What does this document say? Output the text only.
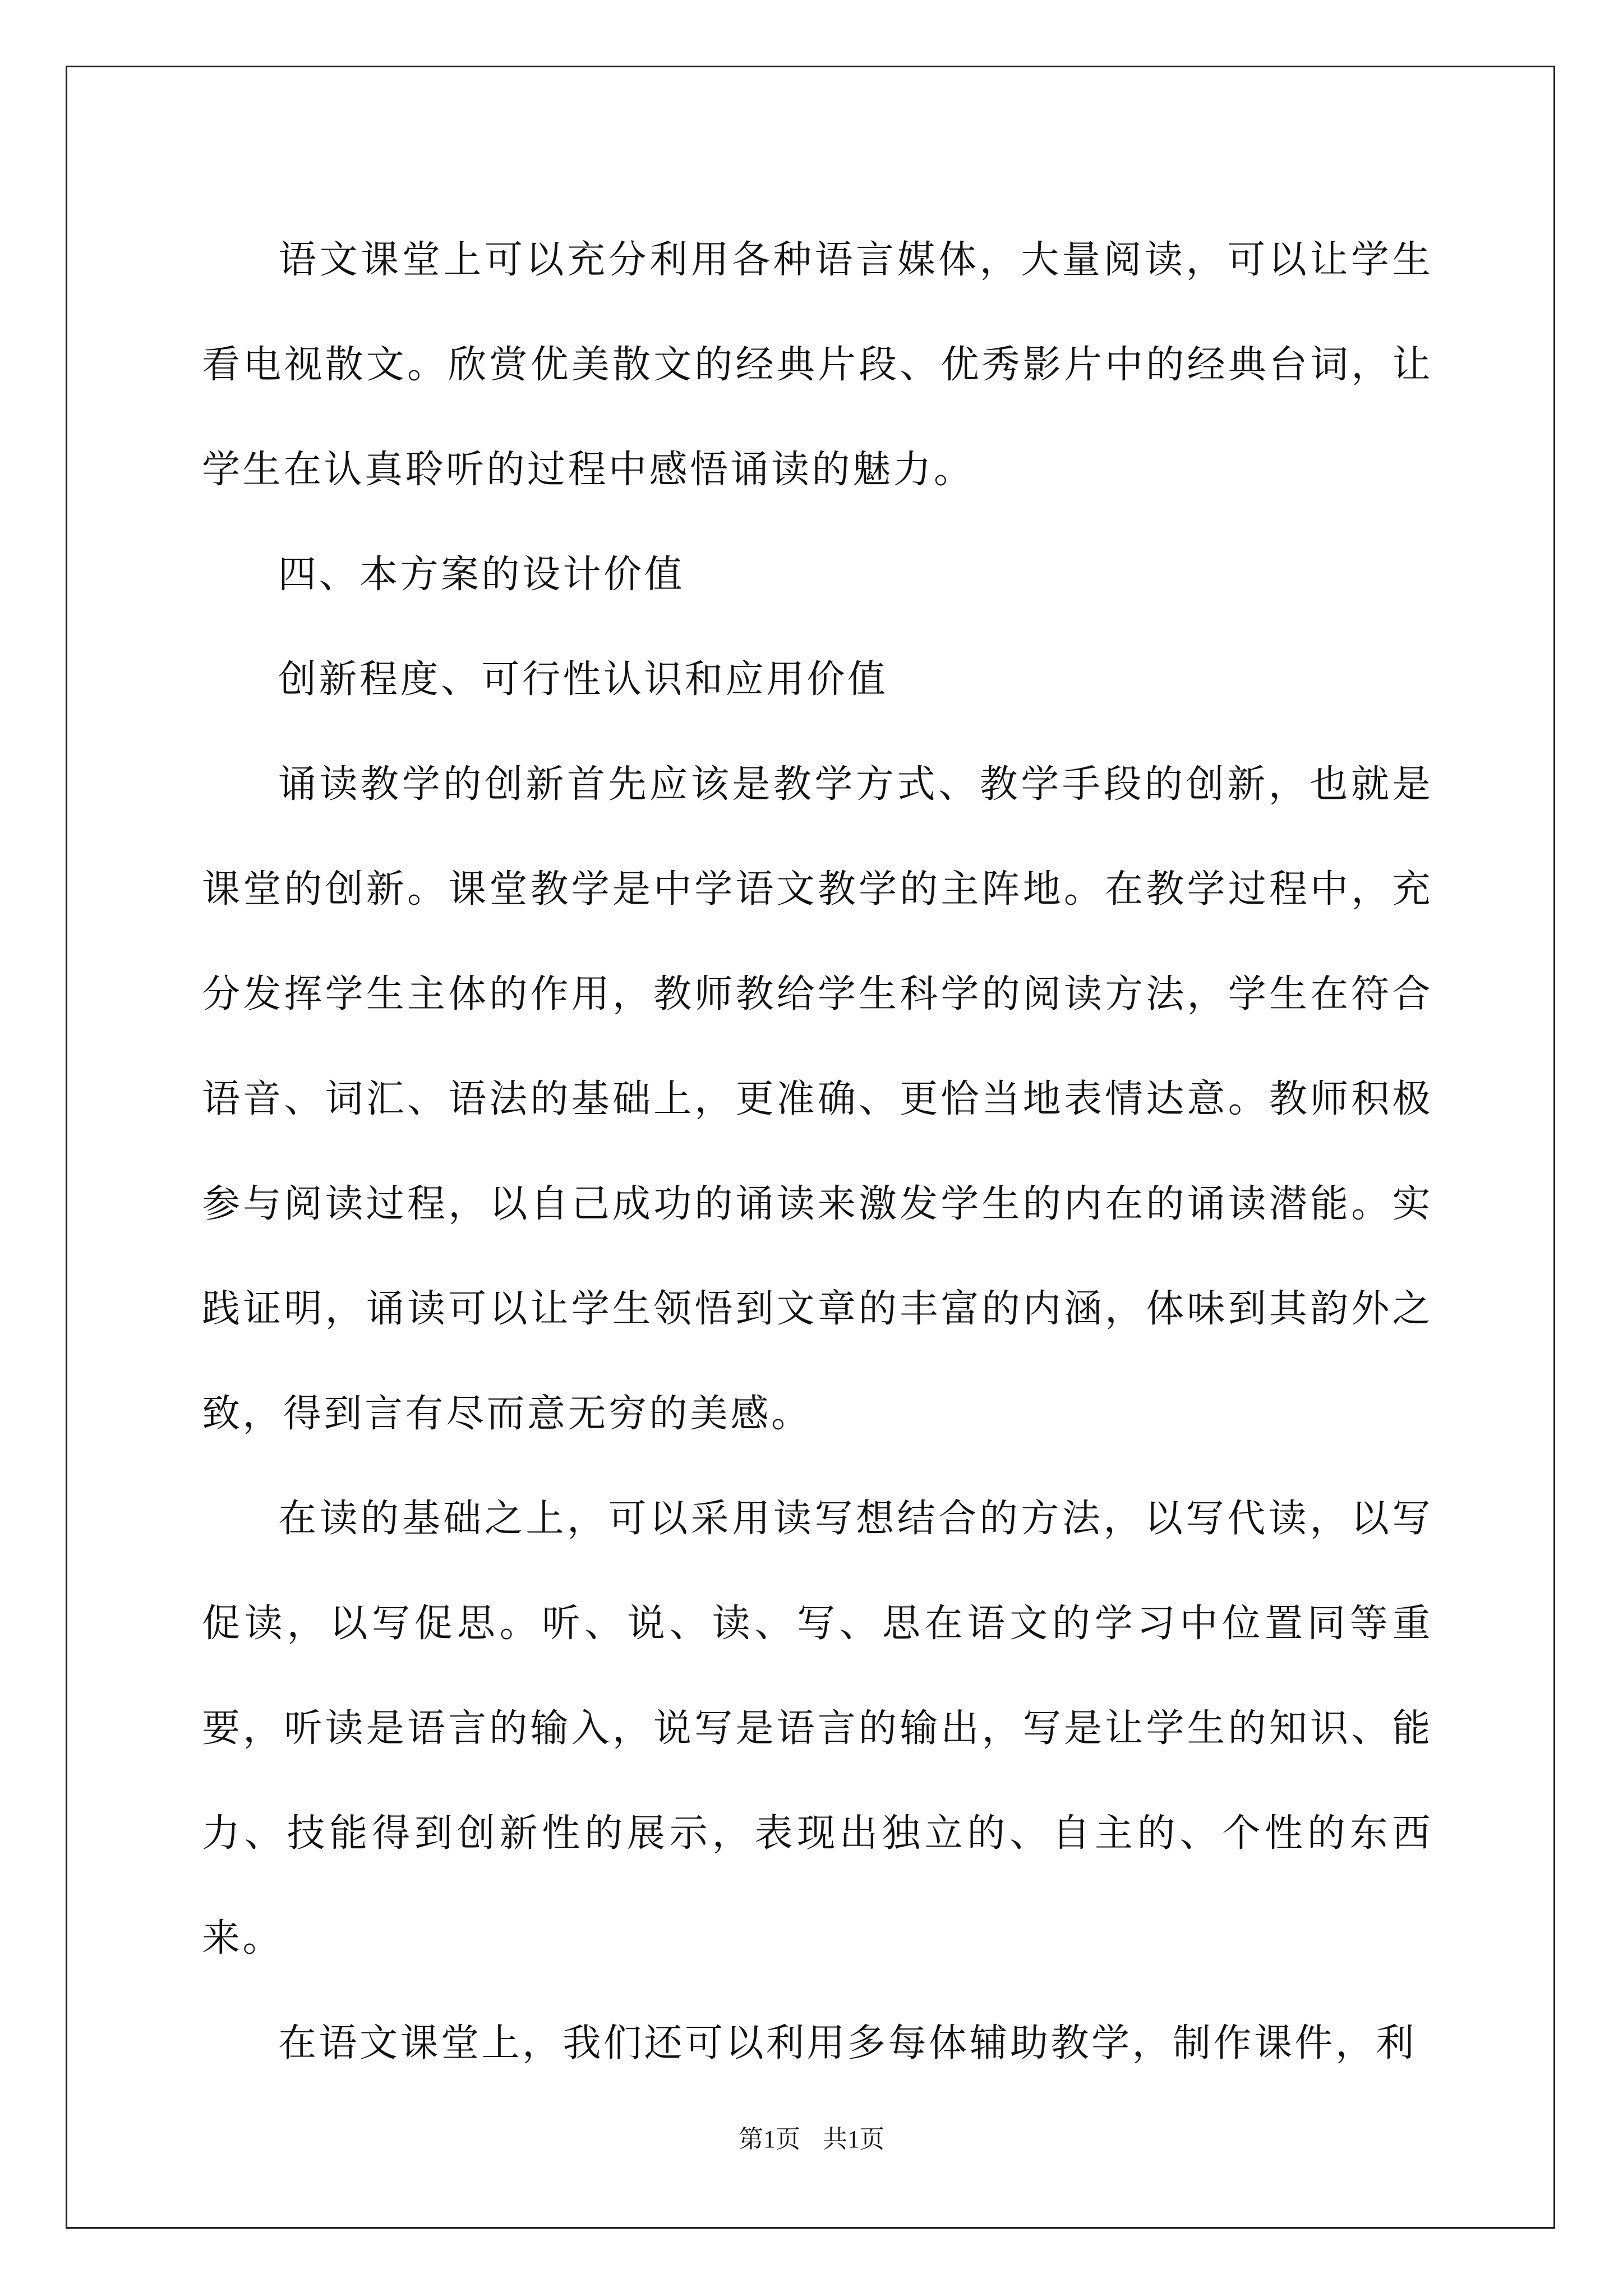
语文课堂上可以充分利用各种语言媒体，大量阅读，可以让学生看电视散文。欣赏优美散文的经典片段、优秀影片中的经典台词，让学生在认真聆听的过程中感悟诵读的魅力。

四、本方案的设计价值

创新程度、可行性认识和应用价值

诵读教学的创新首先应该是教学方式、教学手段的创新，也就是课堂的创新。课堂教学是中学语文教学的主阵地。在教学过程中，充分发挥学生主体的作用，教师教给学生科学的阅读方法，学生在符合语音、词汇、语法的基础上，更准确、更恰当地表情达意。教师积极参与阅读过程，以自己成功的诵读来激发学生的内在的诵读潜能。实践证明，诵读可以让学生领悟到文章的丰富的内涵，体味到其韵外之致，得到言有尽而意无穷的美感。

在读的基础之上，可以采用读写想结合的方法，以写代读，以写促读，以写促思。听、说、读、写、思在语文的学习中位置同等重要，听读是语言的输入，说写是语言的输出，写是让学生的知识、能力、技能得到创新性的展示，表现出独立的、自主的、个性的东西来。

在语文课堂上，我们还可以利用多每体辅助教学，制作课件，利

第1页 共1页
